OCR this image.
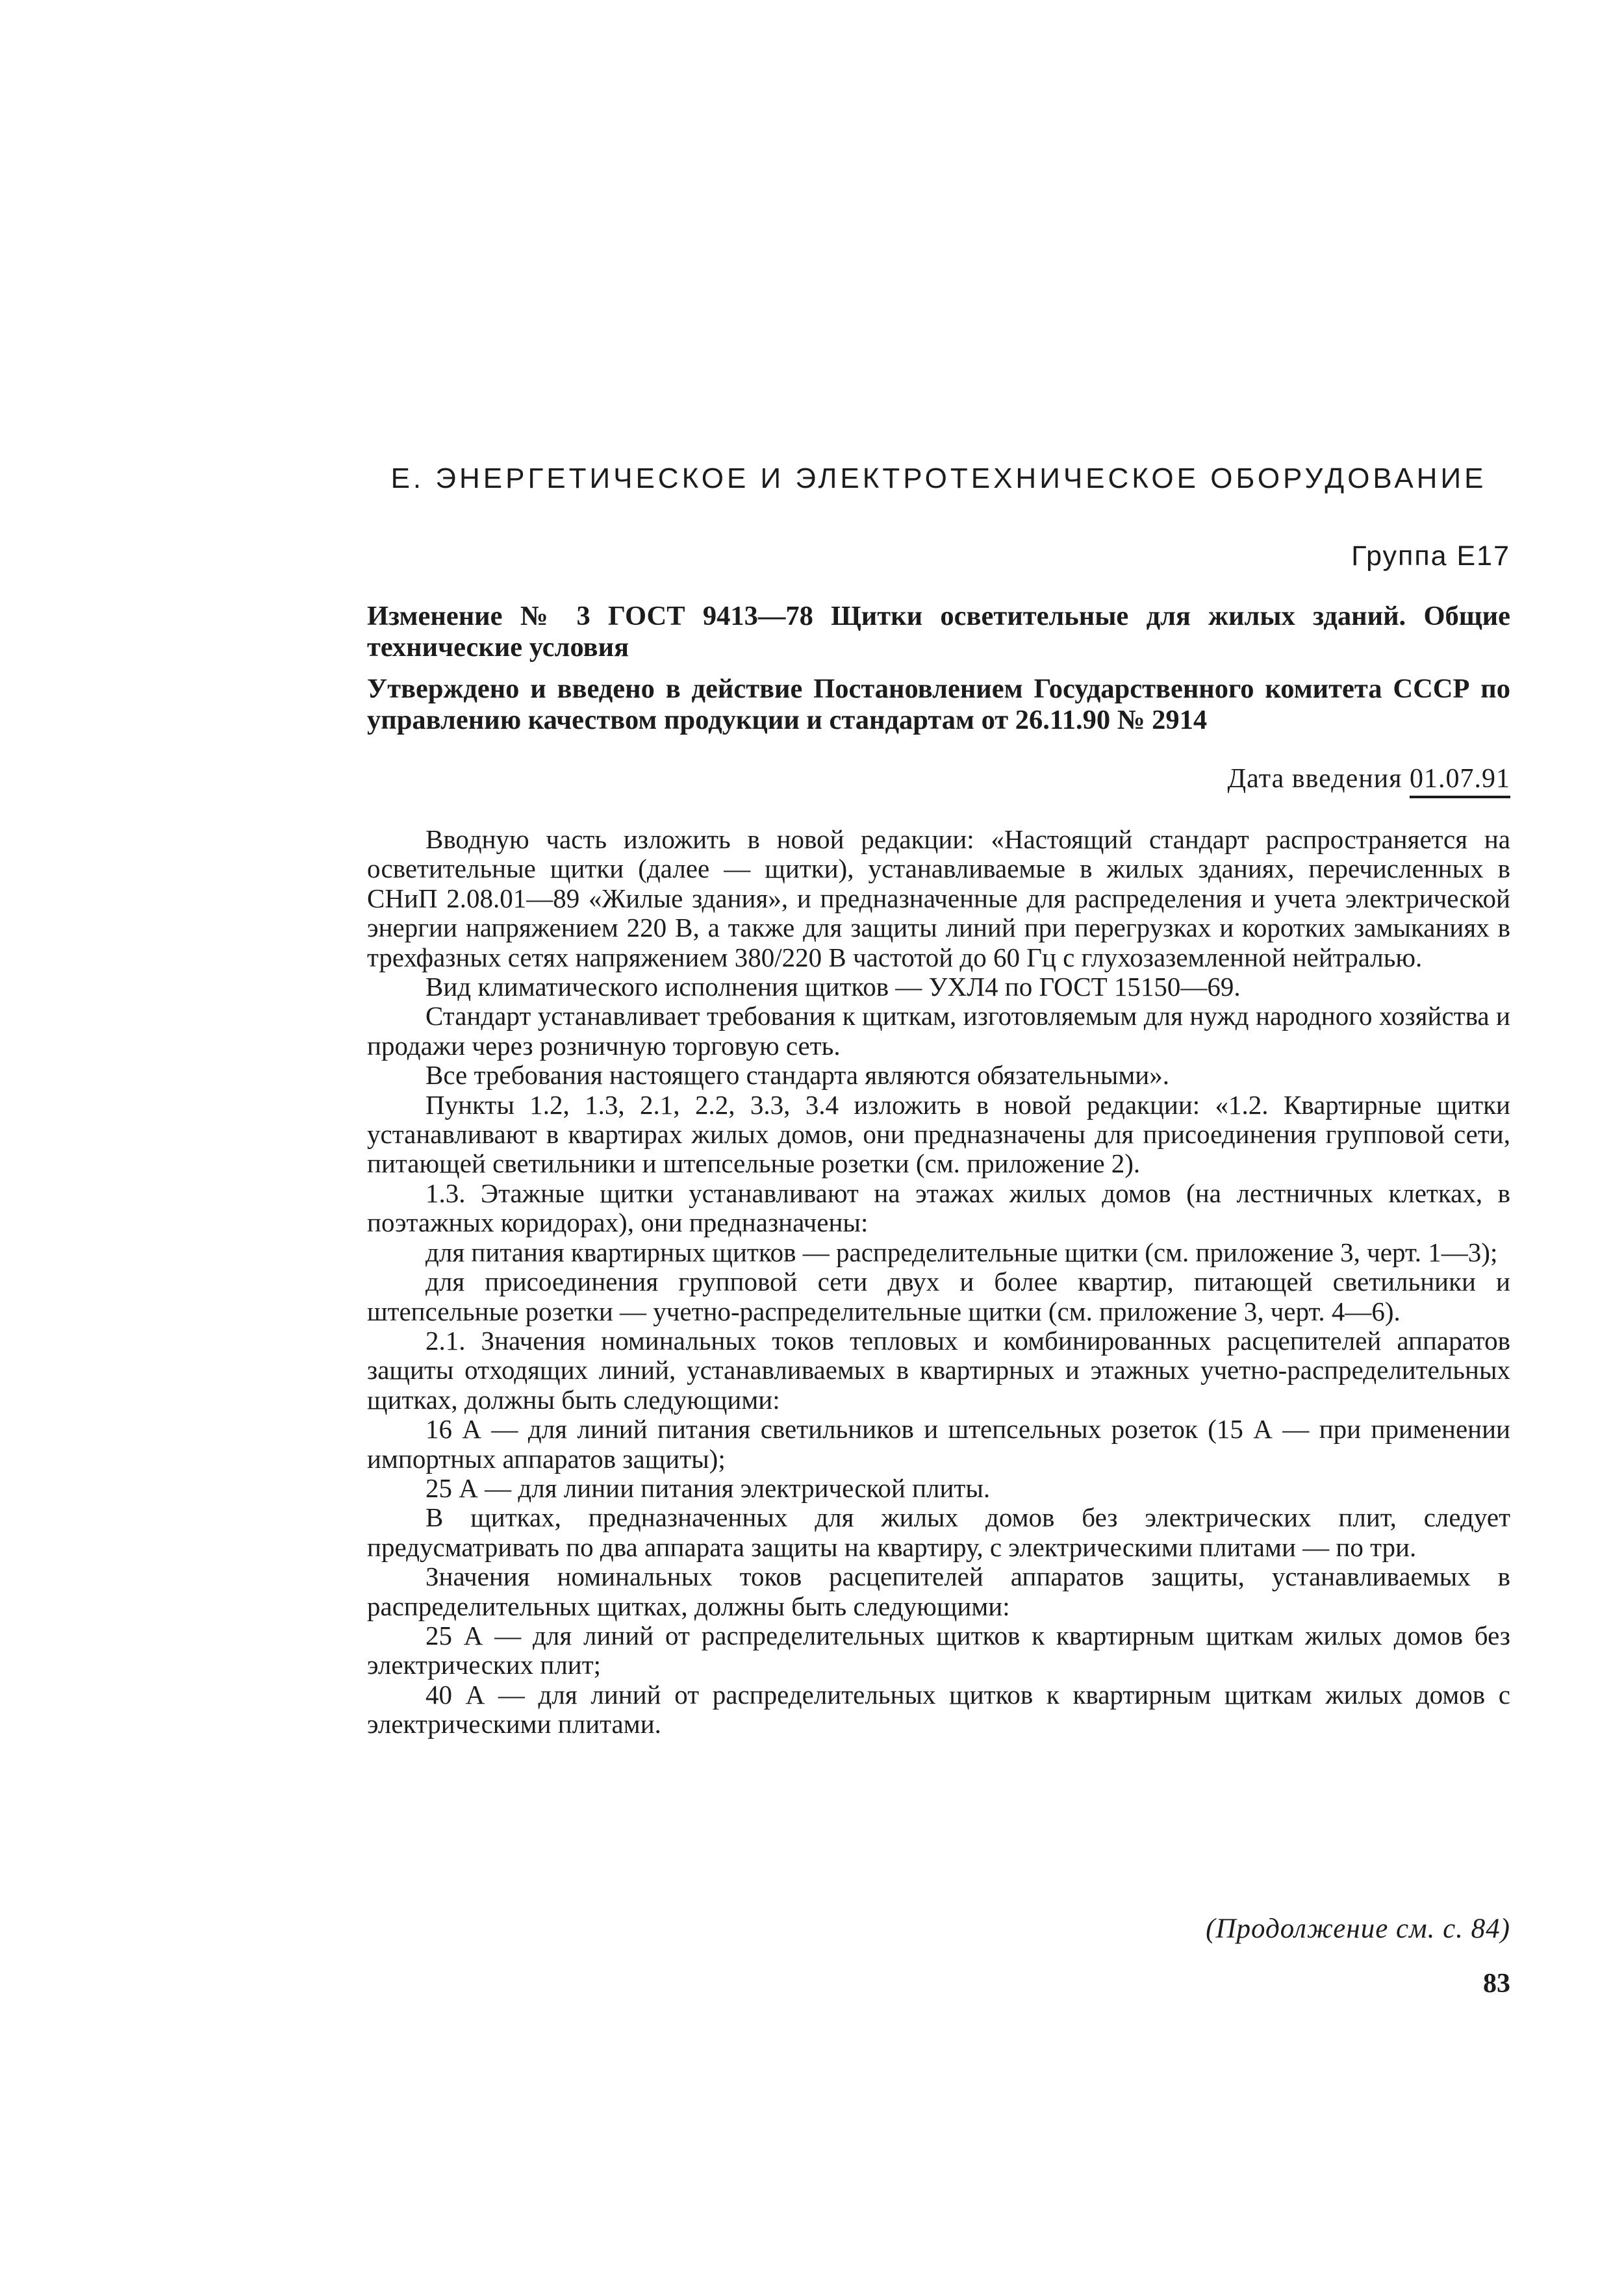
Е. ЭНЕРГЕТИЧЕСКОЕ И ЭЛЕКТРОТЕХНИЧЕСКОЕ ОБОРУДОВАНИЕ
Группа Е17

Изменение № 3 ГОСТ 9413—78 Щитки осветительные для жилых зданий. Общие технические условия

Утверждено и введено в действие Постановлением Государственного комитета СССР по управлению качеством продукции и стандартам от 26.11.90 № 2914

Дата введения 01.07.91

Вводную часть изложить в новой редакции: «Настоящий стандарт распространяется на осветительные щитки (далее — щитки), устанавливаемые в жилых зданиях, перечисленных в СНиП 2.08.01—89 «Жилые здания», и предназначенные для распределения и учета электрической энергии напряжением 220 В, а также для защиты линий при перегрузках и коротких замыканиях в трехфазных сетях напряжением 380/220 В частотой до 60 Гц с глухозаземленной нейтралью.

Вид климатического исполнения щитков — УХЛ4 по ГОСТ 15150—69.

Стандарт устанавливает требования к щиткам, изготовляемым для нужд народного хозяйства и продажи через розничную торговую сеть.

Все требования настоящего стандарта являются обязательными».

Пункты 1.2, 1.3, 2.1, 2.2, 3.3, 3.4 изложить в новой редакции: «1.2. Квартирные щитки устанавливают в квартирах жилых домов, они предназначены для присоединения групповой сети, питающей светильники и штепсельные розетки (см. приложение 2).

1.3. Этажные щитки устанавливают на этажах жилых домов (на лестничных клетках, в поэтажных коридорах), они предназначены:

для питания квартирных щитков — распределительные щитки (см. приложение 3, черт. 1—3);

для присоединения групповой сети двух и более квартир, питающей светильники и штепсельные розетки — учетно-распределительные щитки (см. приложение 3, черт. 4—6).

2.1. Значения номинальных токов тепловых и комбинированных расцепителей аппаратов защиты отходящих линий, устанавливаемых в квартирных и этажных учетно-распределительных щитках, должны быть следующими:

16 А — для линий питания светильников и штепсельных розеток (15 А — при применении импортных аппаратов защиты);

25 А — для линии питания электрической плиты.

В щитках, предназначенных для жилых домов без электрических плит, следует предусматривать по два аппарата защиты на квартиру, с электрическими плитами — по три.

Значения номинальных токов расцепителей аппаратов защиты, устанавливаемых в распределительных щитках, должны быть следующими:

25 А — для линий от распределительных щитков к квартирным щиткам жилых домов без электрических плит;

40 А — для линий от распределительных щитков к квартирным щиткам жилых домов с электрическими плитами.

(Продолжение см. с. 84)
83
